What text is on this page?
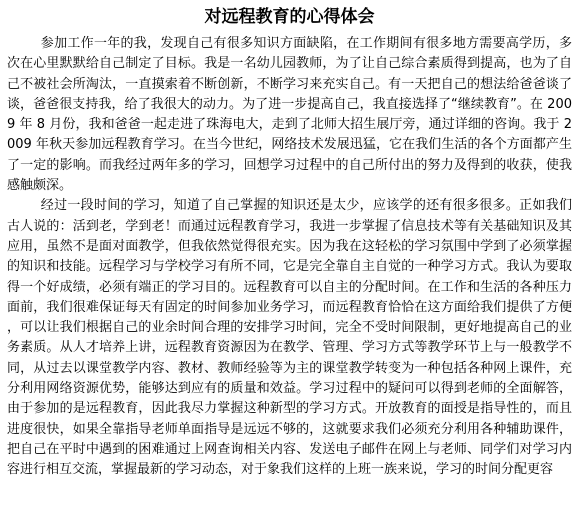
对远程教育的心得体会

参加工作一年的我，发现自己有很多知识方面缺陷，在工作期间有很多地方需要高学历，多次在心里默默给自己制定了目标。我是一名幼儿园教师，为了让自己综合素质得到提高，也为了自己不被社会所淘汰，一直摸索着不断创新，不断学习来充实自己。有一天把自己的想法给爸爸谈了谈，爸爸很支持我，给了我很大的动力。为了进一步提高自己，我直接选择了“继续教育”。在 2009 年 8 月份，我和爸爸一起走进了珠海电大，走到了北师大招生展厅旁，通过详细的咨询。我于 2009 年秋天参加远程教育学习。在当今世纪，网络技术发展迅猛，它在我们生活的各个方面都产生了一定的影响。而我经过两年多的学习，回想学习过程中的自己所付出的努力及得到的收获，使我感触颇深。

经过一段时间的学习，知道了自己掌握的知识还是太少，应该学的还有很多很多。正如我们古人说的：活到老，学到老！而通过远程教育学习，我进一步掌握了信息技术等有关基础知识及其应用，虽然不是面对面教学，但我依然觉得很充实。因为我在这轻松的学习氛围中学到了必须掌握的知识和技能。远程学习与学校学习有所不同，它是完全靠自主自觉的一种学习方式。我认为要取得一个好成绩，必须有端正的学习目的。远程教育可以自主的分配时间。在工作和生活的各种压力面前，我们很难保证每天有固定的时间参加业务学习，而远程教育恰恰在这方面给我们提供了方便，可以让我们根据自己的业余时间合理的安排学习时间，完全不受时间限制，更好地提高自己的业务素质。从人才培养上讲，远程教育资源因为在教学、管理、学习方式等教学环节上与一般教学不同，从过去以课堂教学内容、教材、教师经验等为主的课堂教学转变为一种包括各种网上课件，充分利用网络资源优势，能够达到应有的质量和效益。学习过程中的疑问可以得到老师的全面解答，由于参加的是远程教育，因此我尽力掌握这种新型的学习方式。开放教育的面授是指导性的，而且进度很快，如果全靠指导老师单面指导是远远不够的，这就要求我们必须充分利用各种辅助课件，把自己在平时中遇到的困难通过上网查询相关内容、发送电子邮件在网上与老师、同学们对学习内容进行相互交流，掌握最新的学习动态，对于象我们这样的上班一族来说，学习的时间分配更容
